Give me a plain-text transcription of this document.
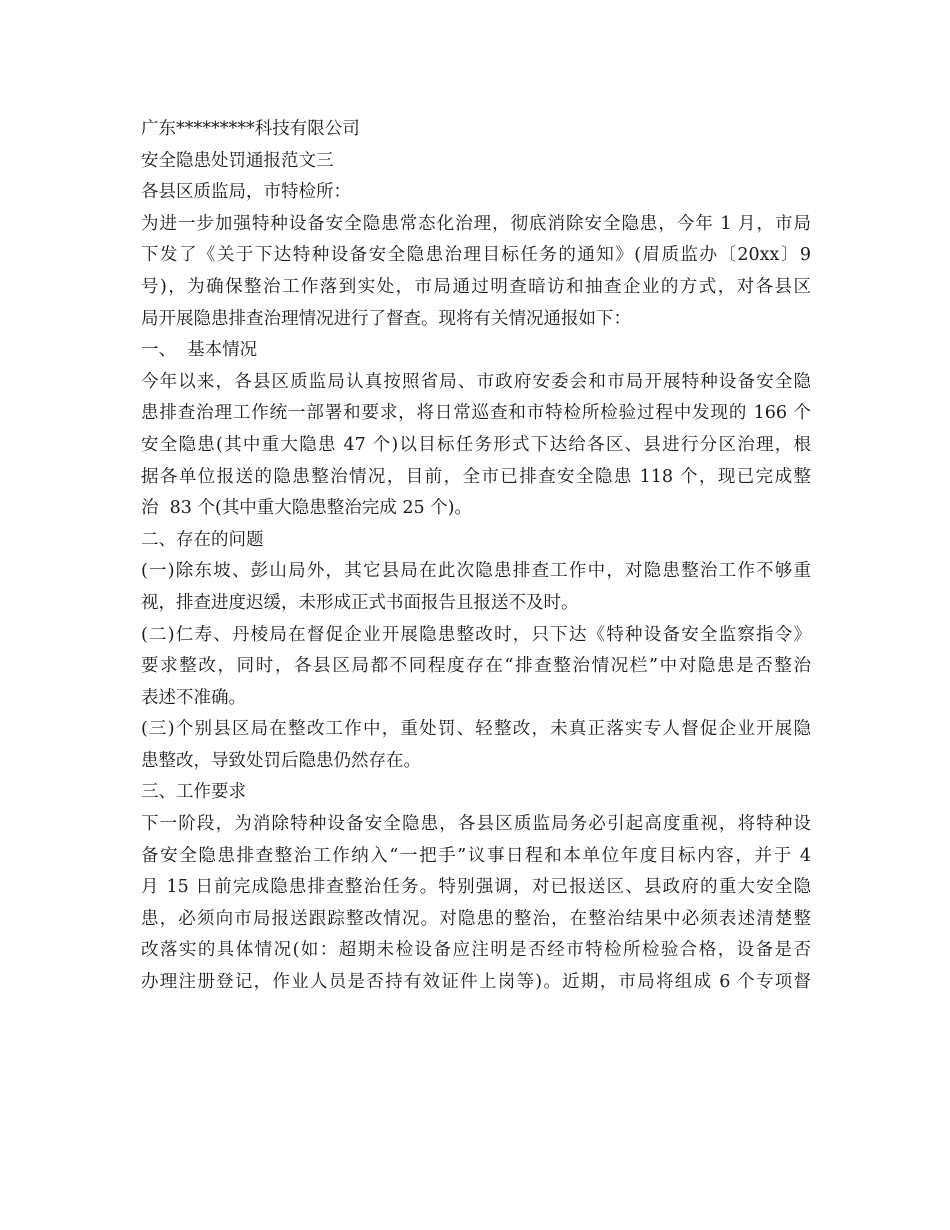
广东*********科技有限公司
安全隐患处罚通报范文三
各县区质监局，市特检所：
为进一步加强特种设备安全隐患常态化治理，彻底消除安全隐患，今年 1 月，市局
下发了《关于下达特种设备安全隐患治理目标任务的通知》(眉质监办〔20xx〕9
号)，为确保整治工作落到实处，市局通过明查暗访和抽查企业的方式，对各县区
局开展隐患排查治理情况进行了督查。现将有关情况通报如下：
一、  基本情况
今年以来，各县区质监局认真按照省局、市政府安委会和市局开展特种设备安全隐
患排查治理工作统一部署和要求，将日常巡查和市特检所检验过程中发现的 166 个
安全隐患(其中重大隐患 47 个)以目标任务形式下达给各区、县进行分区治理，根
据各单位报送的隐患整治情况，目前，全市已排查安全隐患 118 个，现已完成整
治  83 个(其中重大隐患整治完成 25 个)。
二、存在的问题
(一)除东坡、彭山局外，其它县局在此次隐患排查工作中，对隐患整治工作不够重
视，排查进度迟缓，未形成正式书面报告且报送不及时。
(二)仁寿、丹棱局在督促企业开展隐患整改时，只下达《特种设备安全监察指令》
要求整改，同时，各县区局都不同程度存在“排查整治情况栏”中对隐患是否整治
表述不准确。
(三)个别县区局在整改工作中，重处罚、轻整改，未真正落实专人督促企业开展隐
患整改，导致处罚后隐患仍然存在。
三、工作要求
下一阶段，为消除特种设备安全隐患，各县区质监局务必引起高度重视，将特种设
备安全隐患排查整治工作纳入“一把手”议事日程和本单位年度目标内容，并于 4
月 15 日前完成隐患排查整治任务。特别强调，对已报送区、县政府的重大安全隐
患，必须向市局报送跟踪整改情况。对隐患的整治，在整治结果中必须表述清楚整
改落实的具体情况(如：超期未检设备应注明是否经市特检所检验合格，设备是否
办理注册登记，作业人员是否持有效证件上岗等)。近期，市局将组成 6 个专项督
